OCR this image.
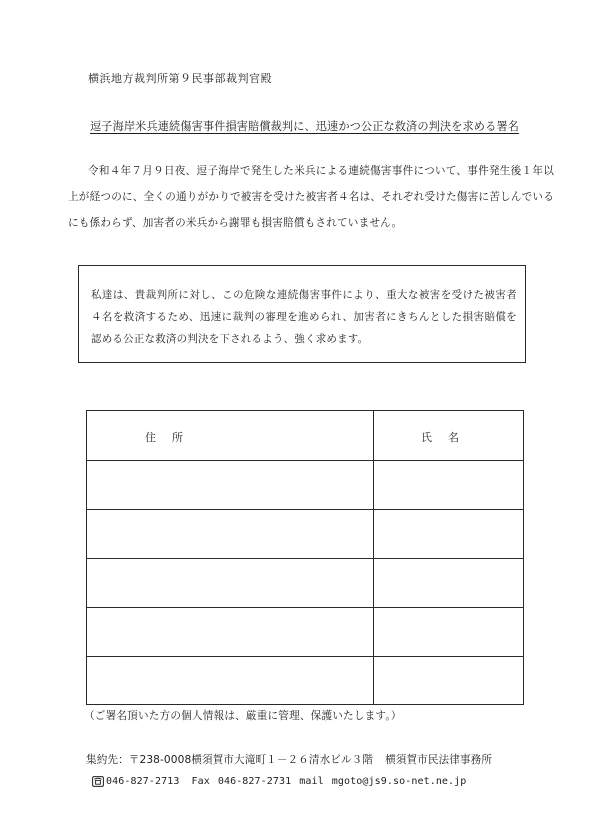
横浜地方裁判所第９民事部裁判官殿
逗子海岸米兵連続傷害事件損害賠償裁判に、迅速かつ公正な救済の判決を求める署名
令和４年７月９日夜、逗子海岸で発生した米兵による連続傷害事件について、事件発生後１年以上が経つのに、全くの通りがかりで被害を受けた被害者４名は、それぞれ受けた傷害に苦しんでいるにも係わらず、加害者の米兵から謝罪も損害賠償もされていません。
私達は、貴裁判所に対し、この危険な連続傷害事件により、重大な被害を受けた被害者４名を救済するため、迅速に裁判の審理を進められ、加害者にきちんとした損害賠償を認める公正な救済の判決を下されるよう、強く求めます。
住所	氏名
（ご署名頂いた方の個人情報は、厳重に管理、保護いたします。）
集約先：〒238-0008横須賀市大滝町１－２６清水ビル３階 横須賀市民法律事務所
046-827-2713 Fax 046-827-2731 mail mgoto@js9.so-net.ne.jp
